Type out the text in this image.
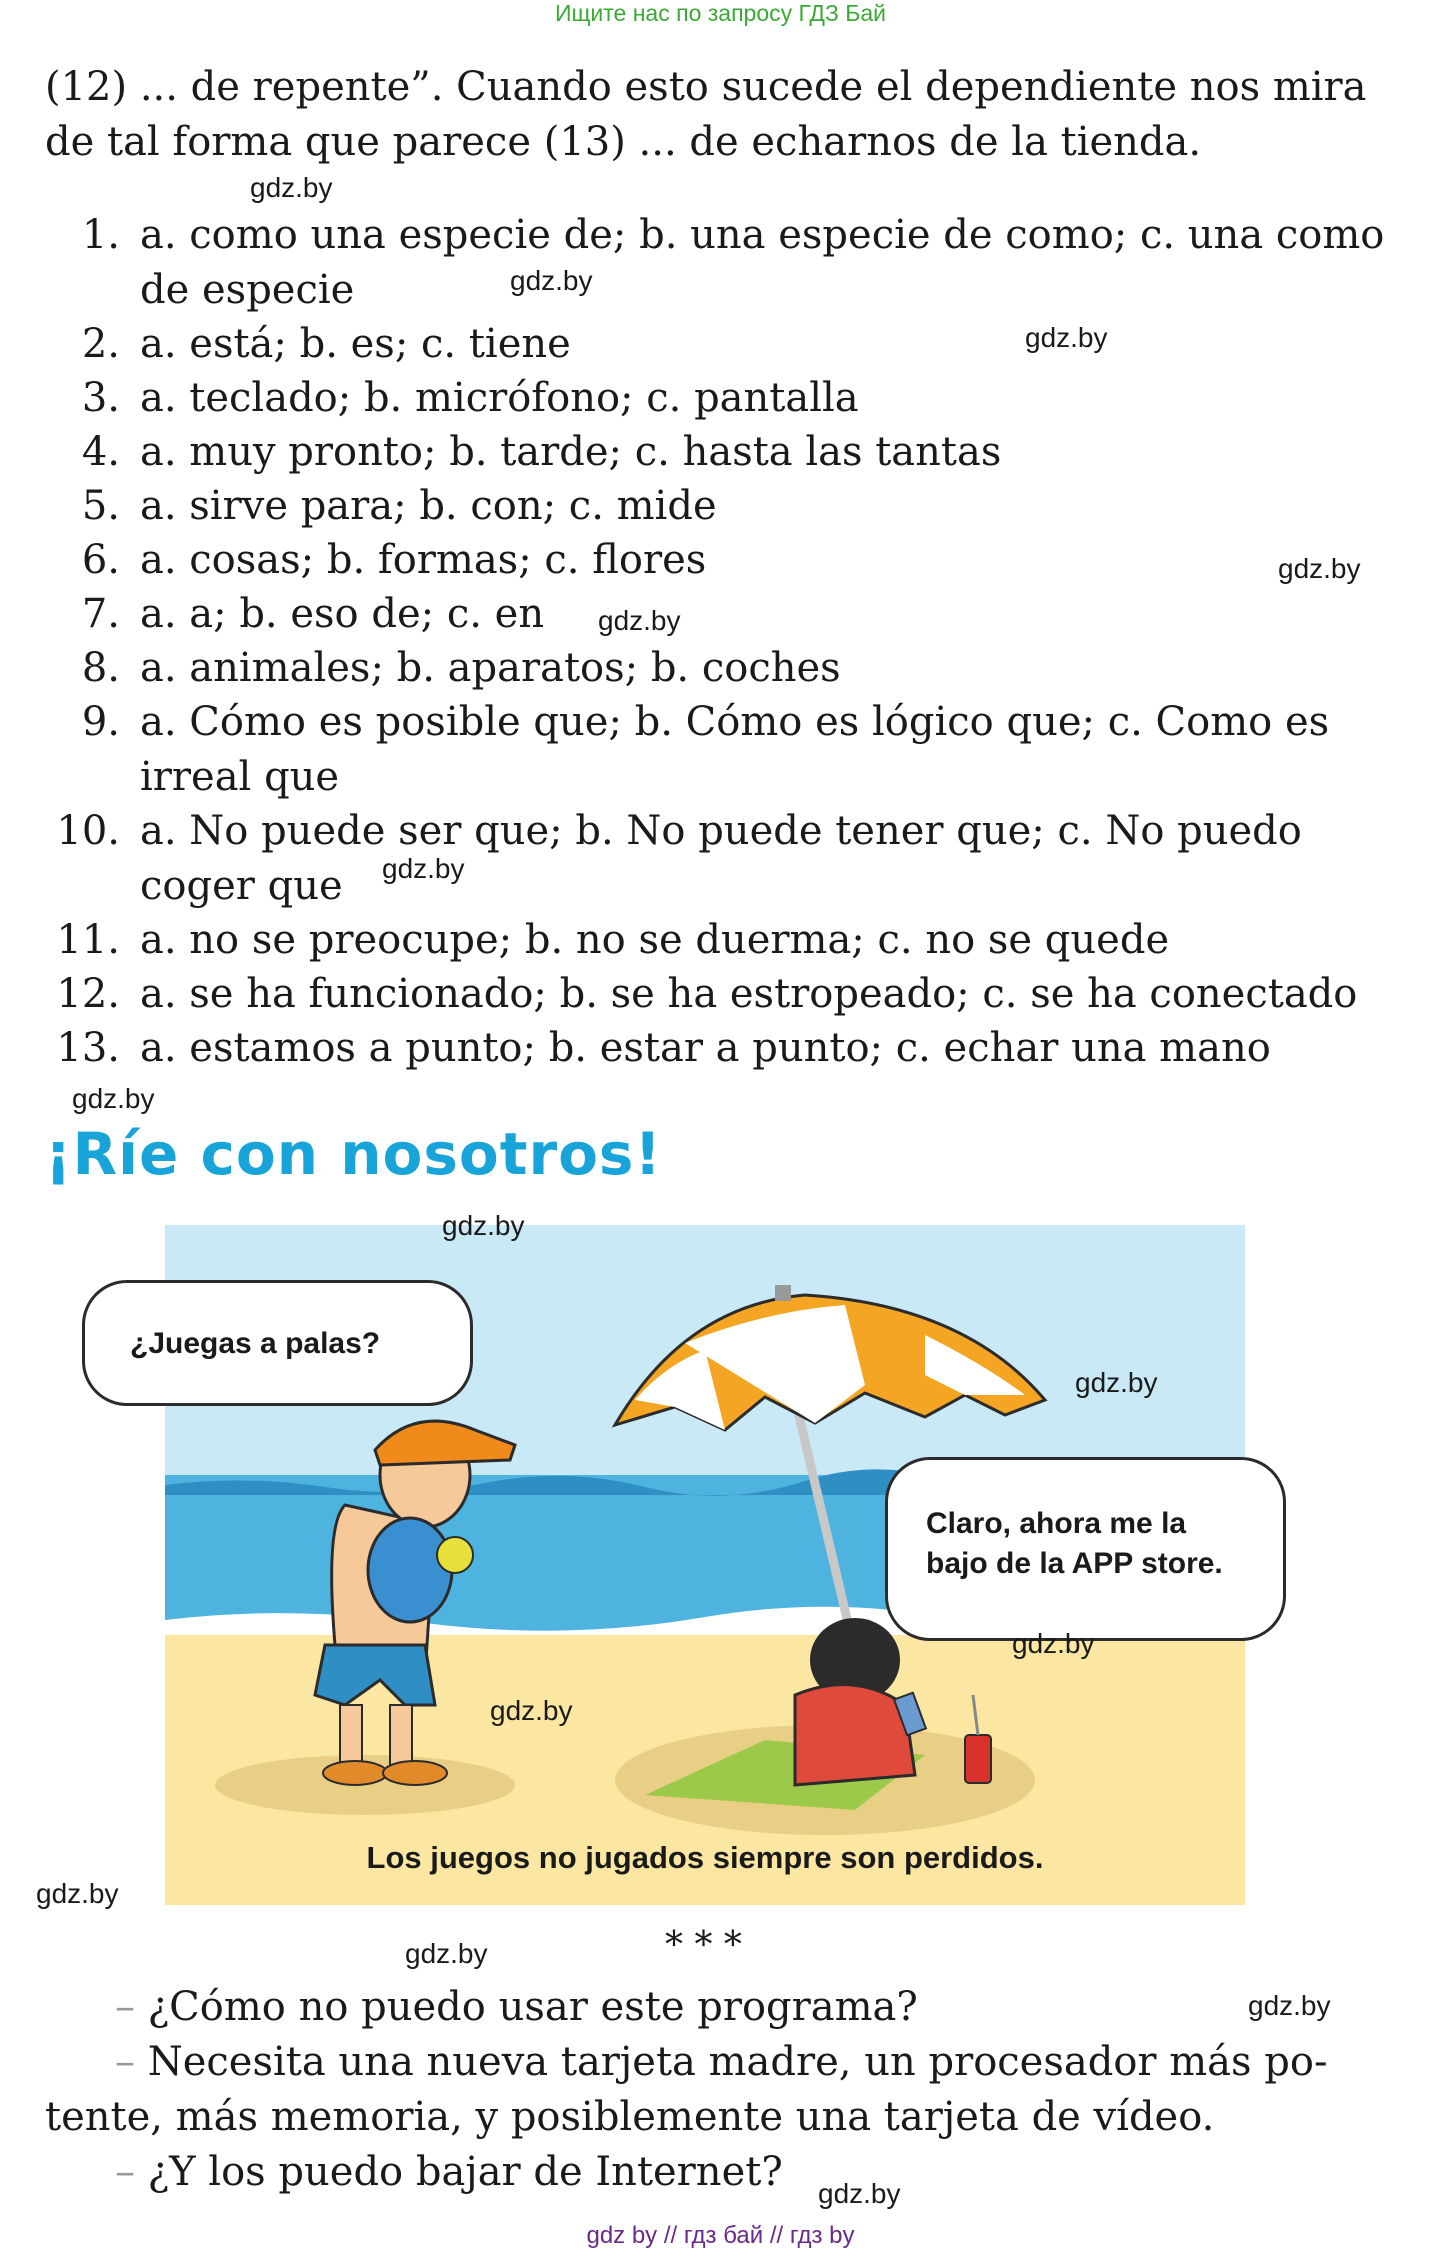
Ищите нас по запросу ГДЗ Бай
(12) ... de repente”. Cuando esto sucede el dependiente nos mira
de tal forma que parece (13) ... de echarnos de la tienda.
1. a. como una especie de; b. una especie de como; c. una como
de especie
2. a. está; b. es; c. tiene
3. a. teclado; b. micrófono; c. pantalla
4. a. muy pronto; b. tarde; c. hasta las tantas
5. a. sirve para; b. con; c. mide
6. a. cosas; b. formas; c. flores
7. a. a; b. eso de; c. en
8. a. animales; b. aparatos; b. coches
9. a. Cómo es posible que; b. Cómo es lógico que; c. Como es
irreal que
10. a. No puede ser que; b. No puede tener que; c. No puedo
coger que
11. a. no se preocupe; b. no se duerma; c. no se quede
12. a. se ha funcionado; b. se ha estropeado; c. se ha conectado
13. a. estamos a punto; b. estar a punto; c. echar una mano
¡Ríe con nosotros!
¿Juegas a palas?
Claro, ahora me la
bajo de la APP store.
Los juegos no jugados siempre son perdidos.
* * *
– ¿Cómo no puedo usar este programa?
– Necesita una nueva tarjeta madre, un procesador más po-
tente, más memoria, y posiblemente una tarjeta de vídeo.
– ¿Y los puedo bajar de Internet?
gdz.by
gdz.by
gdz.by
gdz.by
gdz.by
gdz.by
gdz.by
gdz.by
gdz.by
gdz.by
gdz.by
gdz.by
gdz.by
gdz.by
gdz.by
gdz by // гдз бай // гдз by
